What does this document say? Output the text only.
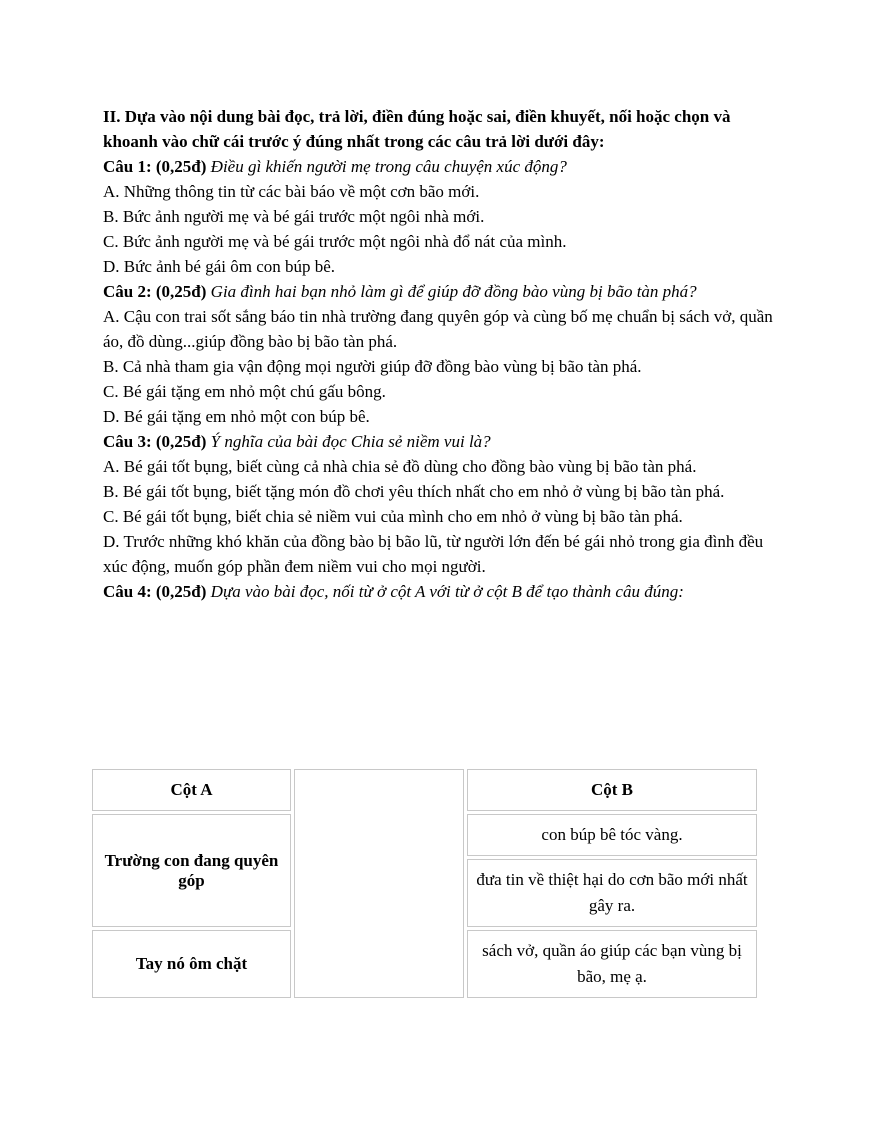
II. Dựa vào nội dung bài đọc, trả lời, điền đúng hoặc sai, điền khuyết, nối hoặc chọn và khoanh vào chữ cái trước ý đúng nhất trong các câu trả lời dưới đây:

Câu 1: (0,25đ) Điều gì khiến người mẹ trong câu chuyện xúc động?

A. Những thông tin từ các bài báo về một cơn bão mới.

B. Bức ảnh người mẹ và bé gái trước một ngôi nhà mới.

C. Bức ảnh người mẹ và bé gái trước một ngôi nhà đổ nát của mình.

D. Bức ảnh bé gái ôm con búp bê.

Câu 2: (0,25đ) Gia đình hai bạn nhỏ làm gì để giúp đỡ đồng bào vùng bị bão tàn phá?

A. Cậu con trai sốt sắng báo tin nhà trường đang quyên góp và cùng bố mẹ chuẩn bị sách vở, quần áo, đồ dùng...giúp đồng bào bị bão tàn phá.

B. Cả nhà tham gia vận động mọi người giúp đỡ đồng bào vùng bị bão tàn phá.

C. Bé gái tặng em nhỏ một chú gấu bông.

D. Bé gái tặng em nhỏ một con búp bê.

Câu 3: (0,25đ) Ý nghĩa của bài đọc Chia sẻ niềm vui là?

A. Bé gái tốt bụng, biết cùng cả nhà chia sẻ đồ dùng cho đồng bào vùng bị bão tàn phá.

B. Bé gái tốt bụng, biết tặng món đồ chơi yêu thích nhất cho em nhỏ ở vùng bị bão tàn phá.

C. Bé gái tốt bụng, biết chia sẻ niềm vui của mình cho em nhỏ ở vùng bị bão tàn phá.

D. Trước những khó khăn của đồng bào bị bão lũ, từ người lớn đến bé gái nhỏ trong gia đình đều xúc động, muốn góp phần đem niềm vui cho mọi người.

Câu 4: (0,25đ) Dựa vào bài đọc, nối từ ở cột A với từ ở cột B để tạo thành câu đúng:

Cột A		Cột B
Trường con đang quyên góp		con búp bê tóc vàng.
		đưa tin về thiệt hại do cơn bão mới nhất gây ra.
Tay nó ôm chặt		sách vở, quần áo giúp các bạn vùng bị bão, mẹ ạ.
